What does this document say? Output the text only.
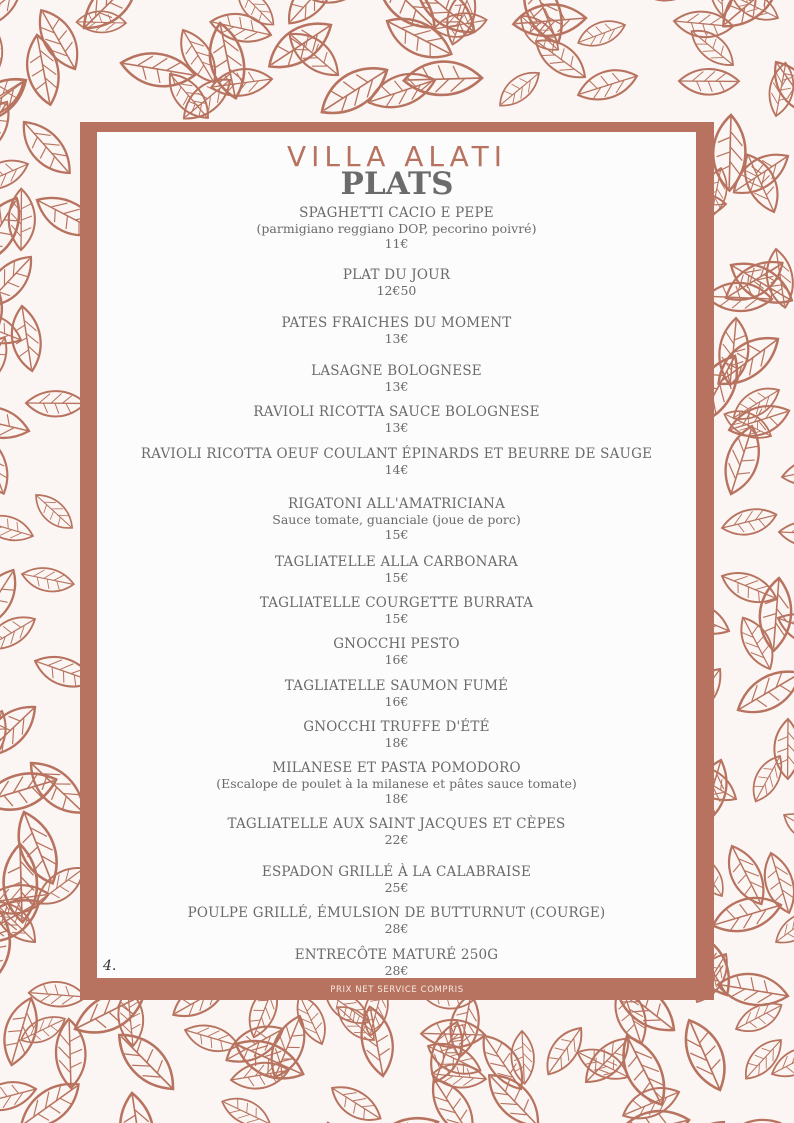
VILLA ALATI
PLATS
SPAGHETTI CACIO E PEPE
(parmigiano reggiano DOP, pecorino poivré)
11€
PLAT DU JOUR
12€50
PATES FRAICHES DU MOMENT
13€
LASAGNE BOLOGNESE
13€
RAVIOLI RICOTTA SAUCE BOLOGNESE
13€
RAVIOLI RICOTTA OEUF COULANT ÉPINARDS ET BEURRE DE SAUGE
14€
RIGATONI ALL'AMATRICIANA
Sauce tomate, guanciale (joue de porc)
15€
TAGLIATELLE ALLA CARBONARA
15€
TAGLIATELLE COURGETTE BURRATA
15€
GNOCCHI PESTO
16€
TAGLIATELLE SAUMON FUMÉ
16€
GNOCCHI TRUFFE D'ÉTÉ
18€
MILANESE ET PASTA POMODORO
(Escalope de poulet à la milanese et pâtes sauce tomate)
18€
TAGLIATELLE AUX SAINT JACQUES ET CÈPES
22€
ESPADON GRILLÉ À LA CALABRAISE
25€
POULPE GRILLÉ, ÉMULSION DE BUTTURNUT (COURGE)
28€
ENTRECÔTE MATURÉ 250G
28€
4.
PRIX NET SERVICE COMPRIS
